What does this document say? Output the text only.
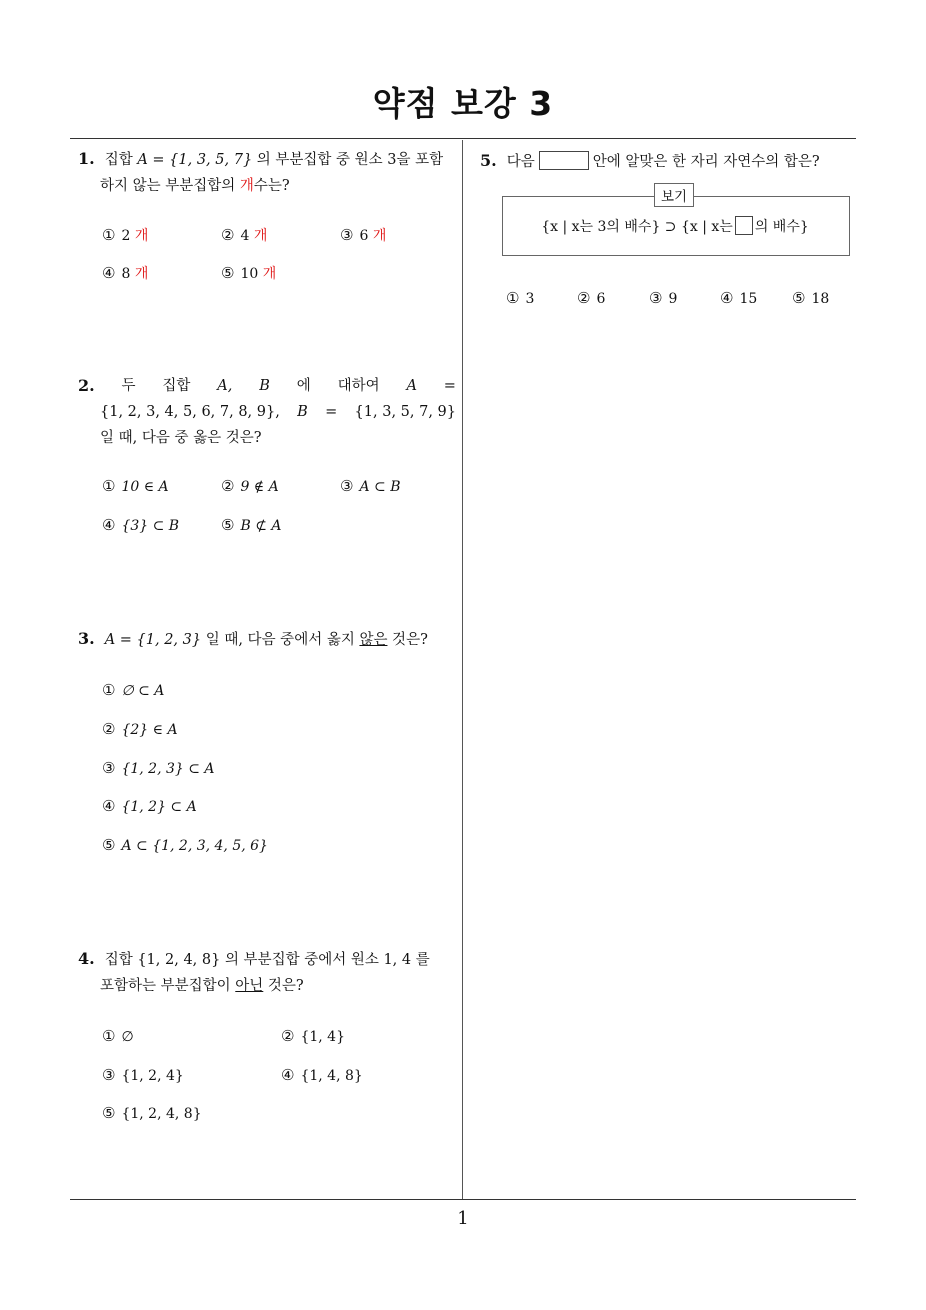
약점 보강 3
1
1. 집합 A = {1, 3, 5, 7} 의 부분집합 중 원소 3을 포함
하지 않는 부분집합의 개수는?
① 2 개	② 4 개	③ 6 개
④ 8 개	⑤ 10 개
2. 두 집합 A, B 에 대하여 A =
{1, 2, 3, 4, 5, 6, 7, 8, 9}, B = {1, 3, 5, 7, 9}
일 때, 다음 중 옳은 것은?
① 10 ∈ A	② 9 ∉ A	③ A ⊂ B
④ {3} ⊂ B	⑤ B ⊄ A
3. A = {1, 2, 3} 일 때, 다음 중에서 옳지 않은 것은?
① ∅ ⊂ A
② {2} ∈ A
③ {1, 2, 3} ⊂ A
④ {1, 2} ⊂ A
⑤ A ⊂ {1, 2, 3, 4, 5, 6}
4. 집합 {1, 2, 4, 8} 의 부분집합 중에서 원소 1, 4 를
포함하는 부분집합이 아닌 것은?
① ∅	② {1, 4}
③ {1, 2, 4}	④ {1, 4, 8}
⑤ {1, 2, 4, 8}
5. 다음	안에 알맞은 한 자리 자연수의 합은?
보기
{x | x는 3의 배수} ⊃ {x | x는 의 배수}
① 3	② 6	③ 9	④ 15 ⑤ 18
